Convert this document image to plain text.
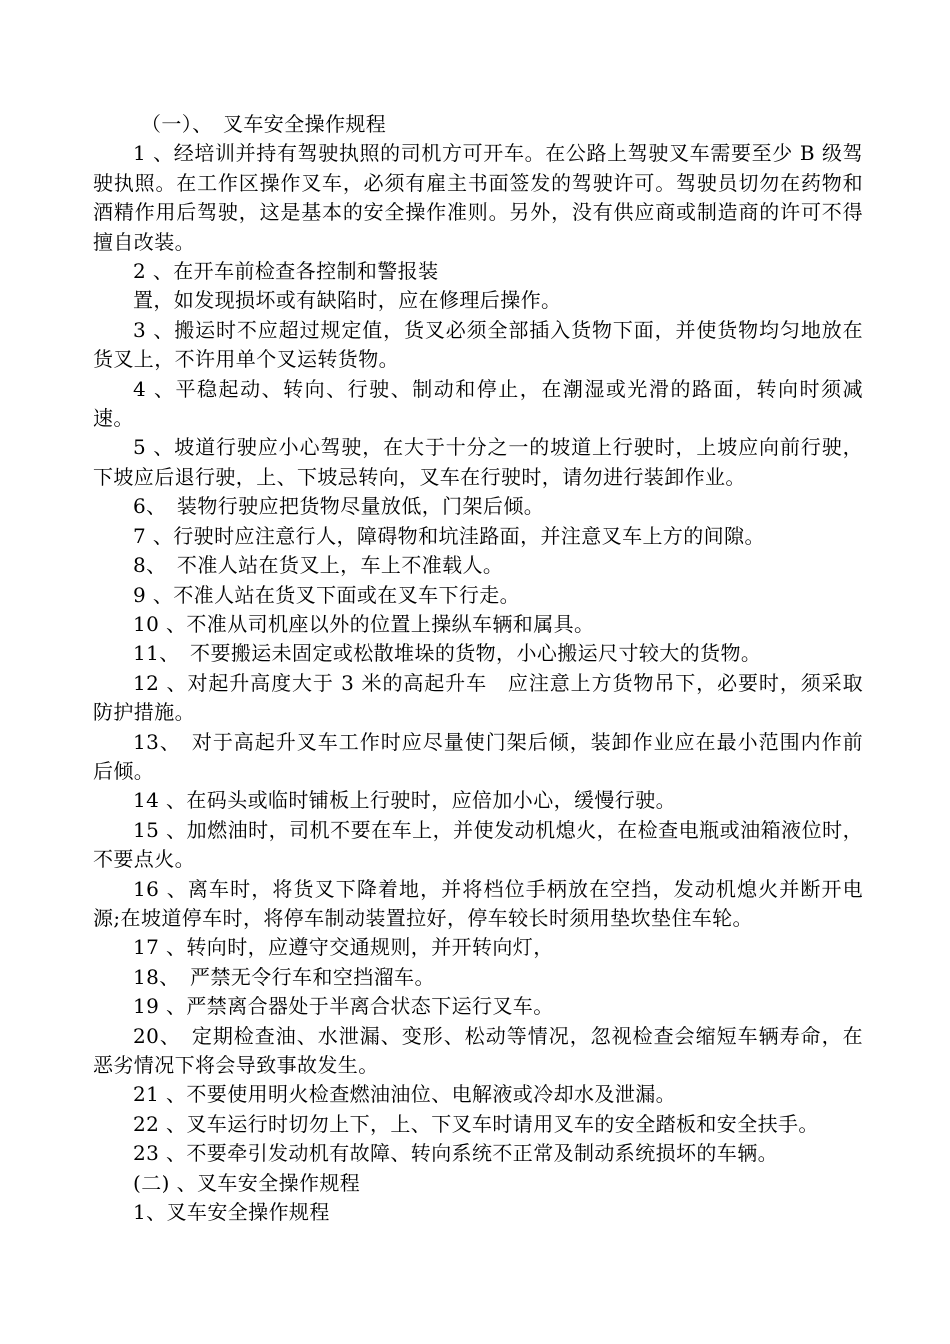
（一）、　叉车安全操作规程

1 、经培训并持有驾驶执照的司机方可开车。在公路上驾驶叉车需要至少 B 级驾驶执照。在工作区操作叉车，必须有雇主书面签发的驾驶许可。驾驶员切勿在药物和酒精作用后驾驶，这是基本的安全操作准则。另外，没有供应商或制造商的许可不得擅自改装。

2 、在开车前检查各控制和警报装

置，如发现损坏或有缺陷时，应在修理后操作。

3 、搬运时不应超过规定值，货叉必须全部插入货物下面，并使货物均匀地放在货叉上，不许用单个叉运转货物。

4 、平稳起动、转向、行驶、制动和停止，在潮湿或光滑的路面，转向时须减速。

5 、坡道行驶应小心驾驶，在大于十分之一的坡道上行驶时，上坡应向前行驶，下坡应后退行驶，上、下坡忌转向，叉车在行驶时，请勿进行装卸作业。

6、　装物行驶应把货物尽量放低，门架后倾。

7 、行驶时应注意行人，障碍物和坑洼路面，并注意叉车上方的间隙。

8、　不准人站在货叉上，车上不准载人。

9 、不准人站在货叉下面或在叉车下行走。

10 、不准从司机座以外的位置上操纵车辆和属具。

11、　不要搬运未固定或松散堆垛的货物，小心搬运尺寸较大的货物。

12 、对起升高度大于 3 米的高起升车　应注意上方货物吊下，必要时，须采取防护措施。

13、　对于高起升叉车工作时应尽量使门架后倾，装卸作业应在最小范围内作前后倾。

14 、在码头或临时铺板上行驶时，应倍加小心，缓慢行驶。

15 、加燃油时，司机不要在车上，并使发动机熄火，在检查电瓶或油箱液位时，不要点火。

16 、离车时，将货叉下降着地，并将档位手柄放在空挡，发动机熄火并断开电源;在坡道停车时，将停车制动装置拉好，停车较长时须用垫坎垫住车轮。

17 、转向时，应遵守交通规则，并开转向灯，

18、　严禁无令行车和空挡溜车。

19 、严禁离合器处于半离合状态下运行叉车。

20、　定期检查油、水泄漏、变形、松动等情况，忽视检查会缩短车辆寿命，在恶劣情况下将会导致事故发生。

21 、不要使用明火检查燃油油位、电解液或冷却水及泄漏。

22 、叉车运行时切勿上下，上、下叉车时请用叉车的安全踏板和安全扶手。

23 、不要牵引发动机有故障、转向系统不正常及制动系统损坏的车辆。

(二) 、叉车安全操作规程

1、叉车安全操作规程
